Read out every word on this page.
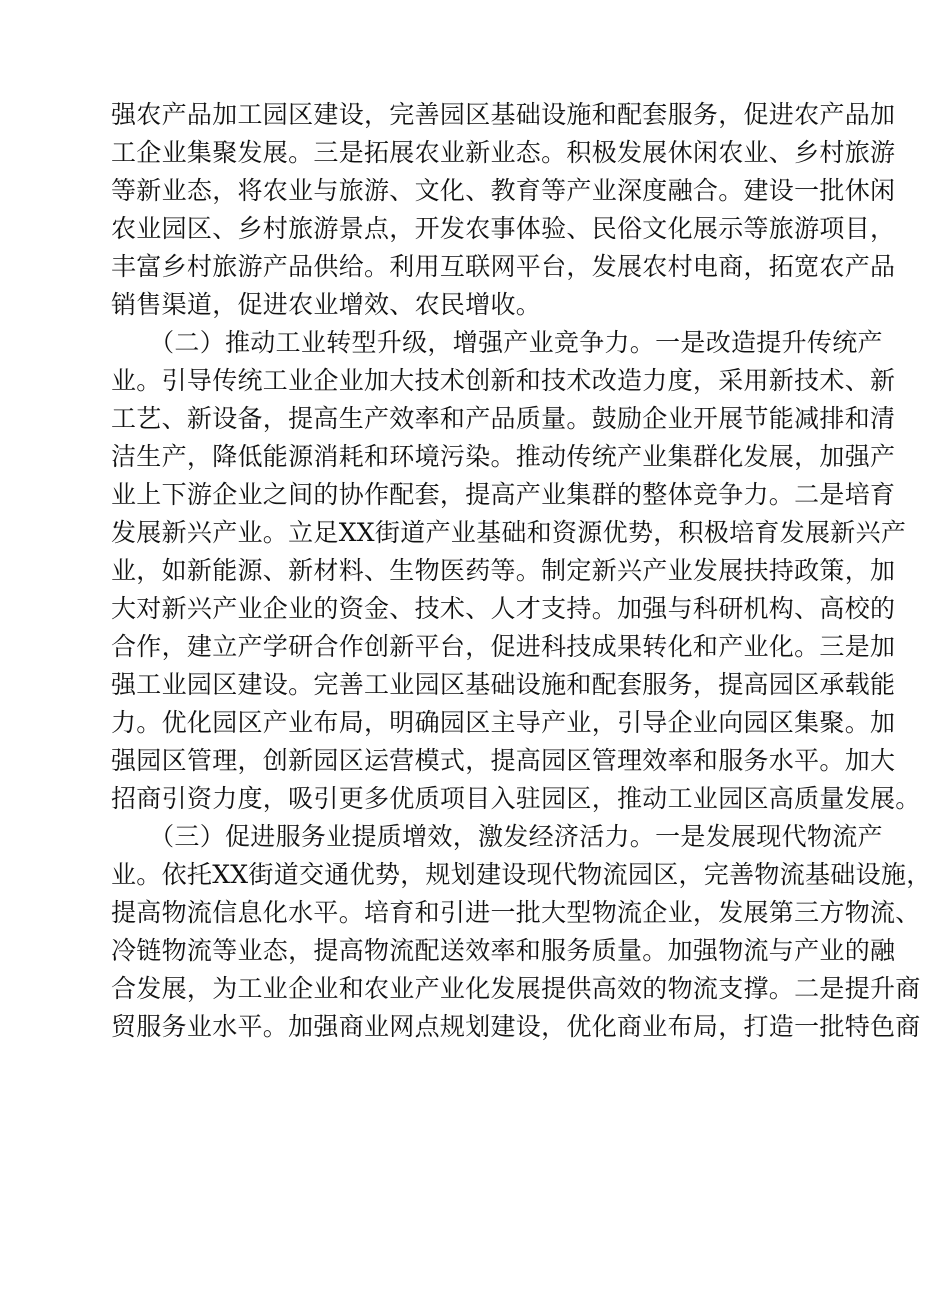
强农产品加工园区建设，完善园区基础设施和配套服务，促进农产品加
工企业集聚发展。三是拓展农业新业态。积极发展休闲农业、乡村旅游
等新业态，将农业与旅游、文化、教育等产业深度融合。建设一批休闲
农业园区、乡村旅游景点，开发农事体验、民俗文化展示等旅游项目，
丰富乡村旅游产品供给。利用互联网平台，发展农村电商，拓宽农产品
销售渠道，促进农业增效、农民增收。
　　（二）推动工业转型升级，增强产业竞争力。一是改造提升传统产
业。引导传统工业企业加大技术创新和技术改造力度，采用新技术、新
工艺、新设备，提高生产效率和产品质量。鼓励企业开展节能减排和清
洁生产，降低能源消耗和环境污染。推动传统产业集群化发展，加强产
业上下游企业之间的协作配套，提高产业集群的整体竞争力。二是培育
发展新兴产业。立足XX街道产业基础和资源优势，积极培育发展新兴产
业，如新能源、新材料、生物医药等。制定新兴产业发展扶持政策，加
大对新兴产业企业的资金、技术、人才支持。加强与科研机构、高校的
合作，建立产学研合作创新平台，促进科技成果转化和产业化。三是加
强工业园区建设。完善工业园区基础设施和配套服务，提高园区承载能
力。优化园区产业布局，明确园区主导产业，引导企业向园区集聚。加
强园区管理，创新园区运营模式，提高园区管理效率和服务水平。加大
招商引资力度，吸引更多优质项目入驻园区，推动工业园区高质量发展。
　　（三）促进服务业提质增效，激发经济活力。一是发展现代物流产
业。依托XX街道交通优势，规划建设现代物流园区，完善物流基础设施，
提高物流信息化水平。培育和引进一批大型物流企业，发展第三方物流、
冷链物流等业态，提高物流配送效率和服务质量。加强物流与产业的融
合发展，为工业企业和农业产业化发展提供高效的物流支撑。二是提升商
贸服务业水平。加强商业网点规划建设，优化商业布局，打造一批特色商
